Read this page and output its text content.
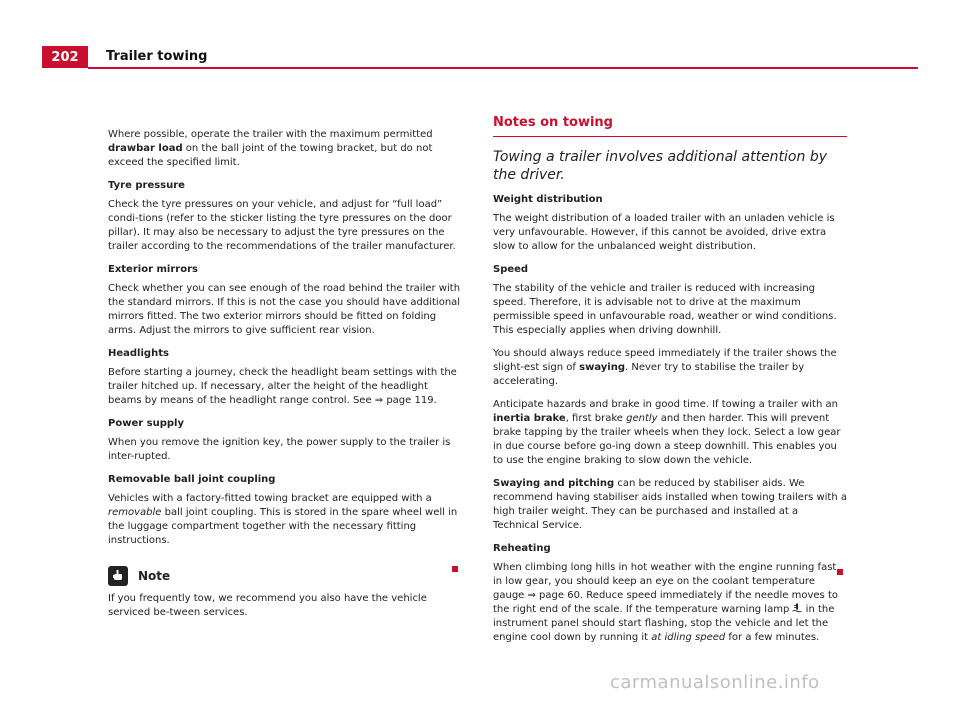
202	Trailer towing

Where possible, operate the trailer with the maximum permitted drawbar load on the ball joint of the towing bracket, but do not exceed the specified limit.

Tyre pressure

Check the tyre pressures on your vehicle, and adjust for “full load” condi-tions (refer to the sticker listing the tyre pressures on the door pillar). It may also be necessary to adjust the tyre pressures on the trailer according to the recommendations of the trailer manufacturer.

Exterior mirrors

Check whether you can see enough of the road behind the trailer with the standard mirrors. If this is not the case you should have additional mirrors fitted. The two exterior mirrors should be fitted on folding arms. Adjust the mirrors to give sufficient rear vision.

Headlights

Before starting a journey, check the headlight beam settings with the trailer hitched up. If necessary, alter the height of the headlight beams by means of the headlight range control. See ⇒ page 119.

Power supply

When you remove the ignition key, the power supply to the trailer is inter-rupted.

Removable ball joint coupling

Vehicles with a factory-fitted towing bracket are equipped with a removable ball joint coupling. This is stored in the spare wheel well in the luggage compartment together with the necessary fitting instructions.

Note

If you frequently tow, we recommend you also have the vehicle serviced be-tween services.

Notes on towing

Towing a trailer involves additional attention by the driver.

Weight distribution

The weight distribution of a loaded trailer with an unladen vehicle is very unfavourable. However, if this cannot be avoided, drive extra slow to allow for the unbalanced weight distribution.

Speed

The stability of the vehicle and trailer is reduced with increasing speed. Therefore, it is advisable not to drive at the maximum permissible speed in unfavourable road, weather or wind conditions. This especially applies when driving downhill.

You should always reduce speed immediately if the trailer shows the slight-est sign of swaying. Never try to stabilise the trailer by accelerating.

Anticipate hazards and brake in good time. If towing a trailer with an inertia brake, first brake gently and then harder. This will prevent brake tapping by the trailer wheels when they lock. Select a low gear in due course before go-ing down a steep downhill. This enables you to use the engine braking to slow down the vehicle.

Swaying and pitching can be reduced by stabiliser aids. We recommend having stabiliser aids installed when towing trailers with a high trailer weight. They can be purchased and installed at a Technical Service.

Reheating

When climbing long hills in hot weather with the engine running fast in low gear, you should keep an eye on the coolant temperature gauge ⇒ page 60. Reduce speed immediately if the needle moves to the right end of the scale. If the temperature warning lamp  in the instrument panel should start flashing, stop the vehicle and let the engine cool down by running it at idling speed for a few minutes.

carmanualsonline.info
